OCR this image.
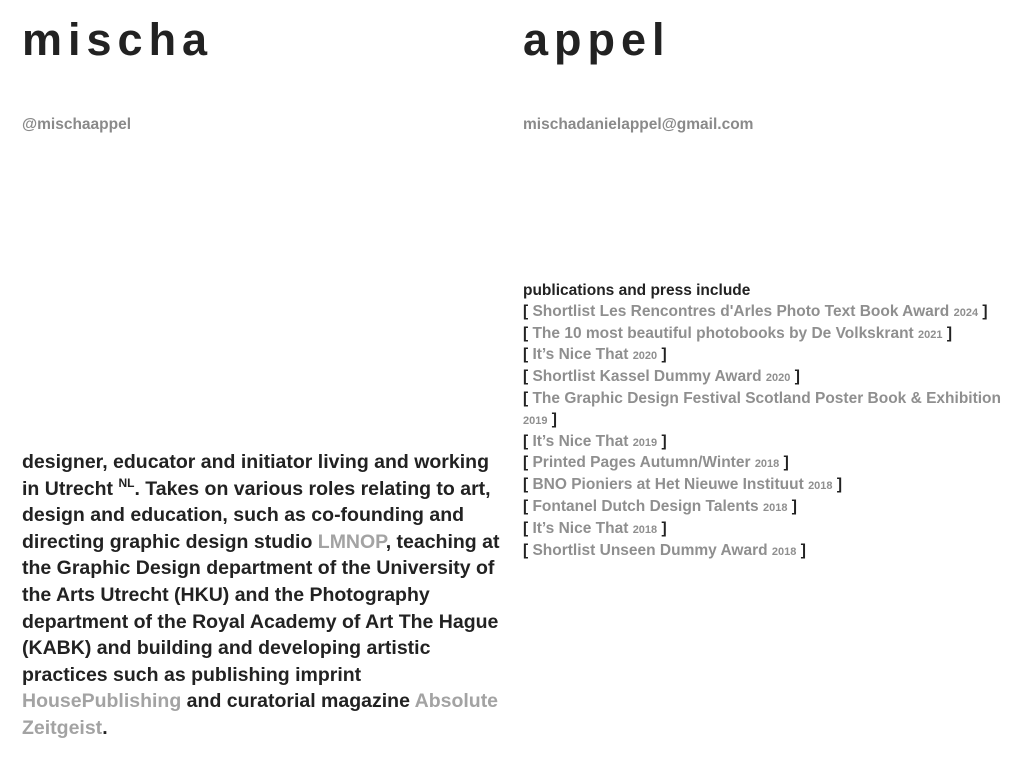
mischa
@mischaappel
appel
mischadanielappel@gmail.com

designer, educator and initiator living and working in Utrecht $^{NL}$. Takes on various roles relating to art, design and education, such as co-founding and directing graphic design studio LMNOP, teaching at the Graphic Design department of the University of the Arts Utrecht (HKU) and the Photography department of the Royal Academy of Art The Hague (KABK) and building and developing artistic practices such as publishing imprint HousePublishing and curatorial magazine Absolute Zeitgeist.

publications and press include
[ Shortlist Les Rencontres d'Arles Photo Text Book Award 2024 ]
[ The 10 most beautiful photobooks by De Volkskrant 2021 ]
[ It’s Nice That 2020 ]
[ Shortlist Kassel Dummy Award 2020 ]
[ The Graphic Design Festival Scotland Poster Book & Exhibition 2019 ]
[ It’s Nice That 2019 ]
[ Printed Pages Autumn/Winter 2018 ]
[ BNO Pioniers at Het Nieuwe Instituut 2018 ]
[ Fontanel Dutch Design Talents 2018 ]
[ It’s Nice That 2018 ]
[ Shortlist Unseen Dummy Award 2018 ]
